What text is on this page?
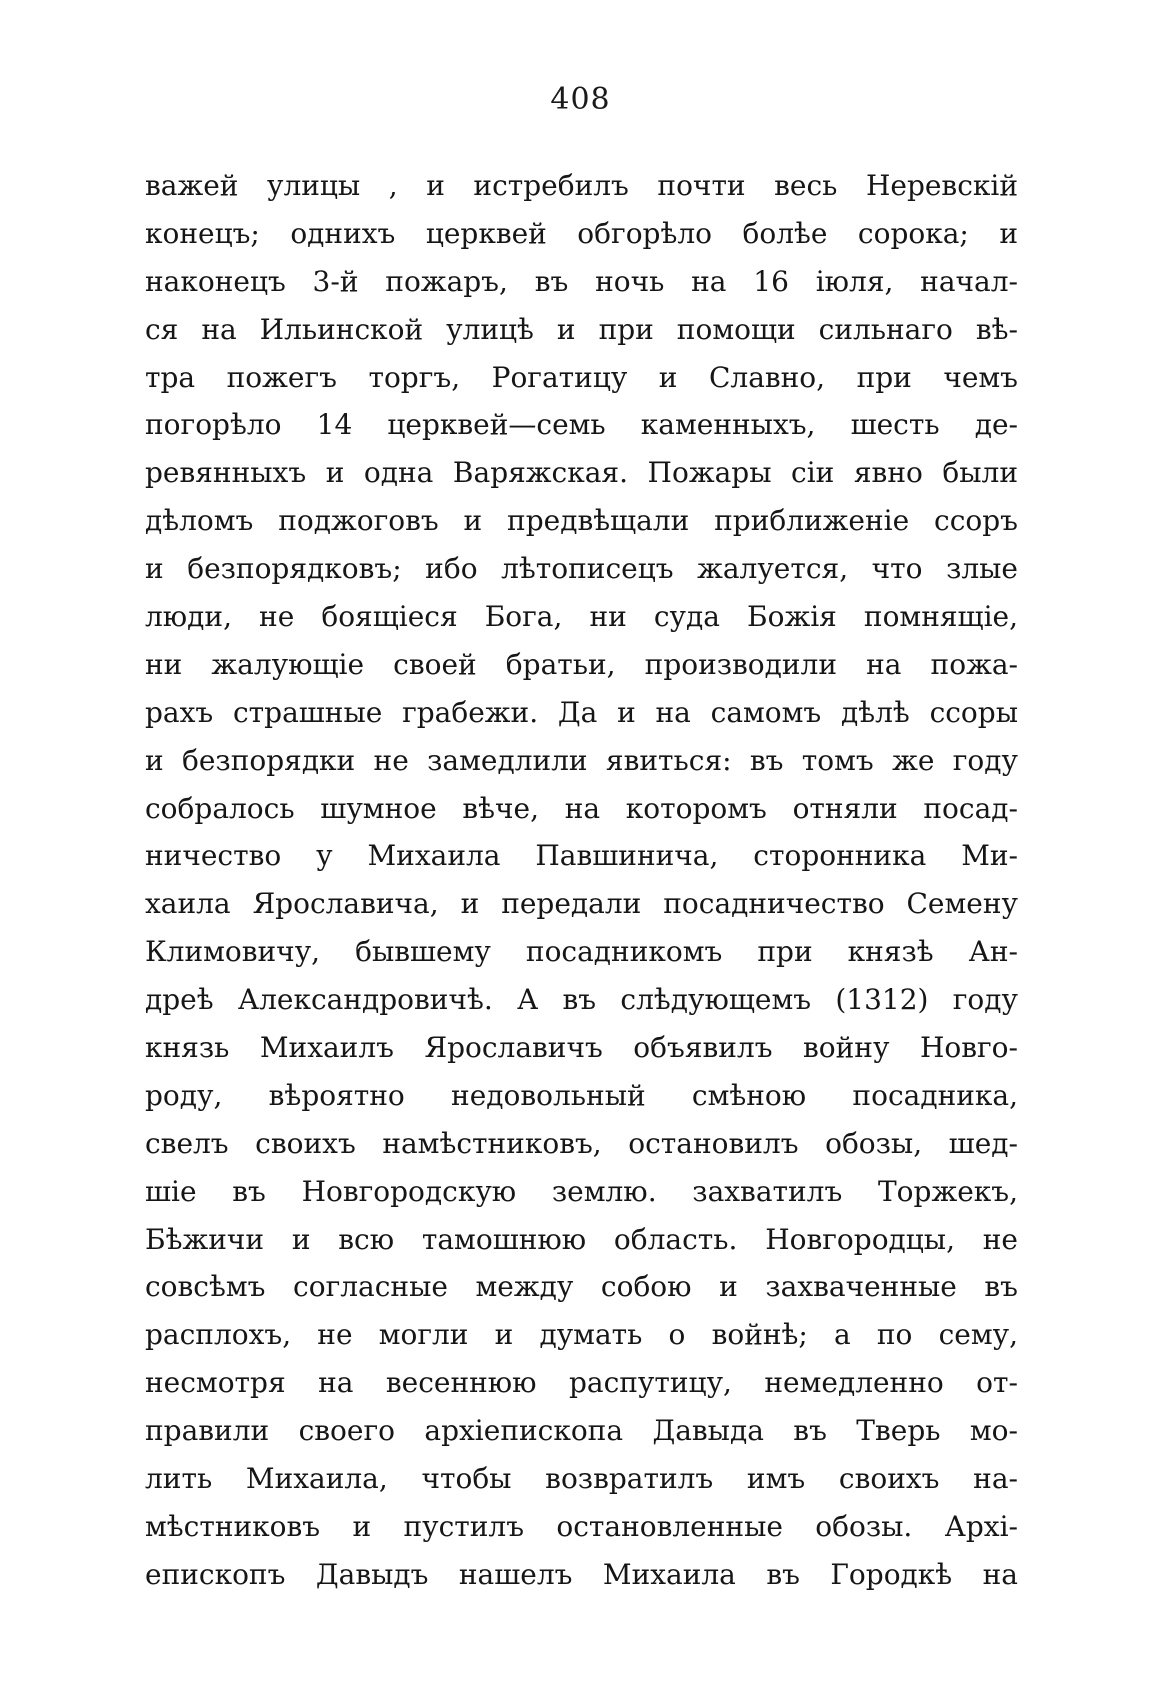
408
важей улицы , и истребилъ почти весь Неревскій
конецъ; однихъ церквей обгорѣло болѣе сорока; и
наконецъ 3-й пожаръ, въ ночь на 16 іюля, начал-
ся на Ильинской улицѣ и при помощи сильнаго вѣ-
тра пожегъ торгъ, Рогатицу и Славно, при чемъ
погорѣло 14 церквей—семь каменныхъ, шесть де-
ревянныхъ и одна Варяжская. Пожары сіи явно были
дѣломъ поджоговъ и предвѣщали приближеніе ссоръ
и безпорядковъ; ибо лѣтописецъ жалуется, что злые
люди, не боящіеся Бога, ни суда Божія помнящіе,
ни жалующіе своей братьи, производили на пожа-
рахъ страшные грабежи. Да и на самомъ дѣлѣ ссоры
и безпорядки не замедлили явиться: въ томъ же году
собралось шумное вѣче, на которомъ отняли посад-
ничество у Михаила Павшинича, сторонника Ми-
хаила Ярославича, и передали посадничество Семену
Климовичу, бывшему посадникомъ при князѣ Ан-
дреѣ Александровичѣ. А въ слѣдующемъ (1312) году
князь Михаилъ Ярославичъ объявилъ войну Новго-
роду, вѣроятно недовольный смѣною посадника,
свелъ своихъ намѣстниковъ, остановилъ обозы, шед-
шіе въ Новгородскую землю. захватилъ Торжекъ,
Бѣжичи и всю тамошнюю область. Новгородцы, не
совсѣмъ согласные между собою и захваченные въ
расплохъ, не могли и думать о войнѣ; а по сему,
несмотря на весеннюю распутицу, немедленно от-
правили своего архіепископа Давыда въ Тверь мо-
лить Михаила, чтобы возвратилъ имъ своихъ на-
мѣстниковъ и пустилъ остановленные обозы. Архі-
епископъ Давыдъ нашелъ Михаила въ Городкѣ на
